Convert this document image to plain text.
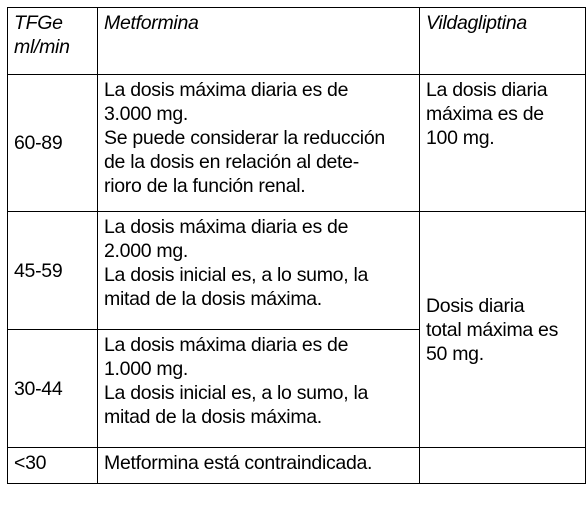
TFGe
ml/min	Metformina	Vildagliptina

60-89	La dosis máxima diaria es de
3.000 mg.
Se puede considerar la reducción
de la dosis en relación al dete-
rioro de la función renal.	La dosis diaria
máxima es de
100 mg.

45-59	La dosis máxima diaria es de
2.000 mg.
La dosis inicial es, a lo sumo, la
mitad de la dosis máxima.	Dosis diaria
total máxima es
50 mg.

30-44	La dosis máxima diaria es de
1.000 mg.
La dosis inicial es, a lo sumo, la
mitad de la dosis máxima.	

<30	Metformina está contraindicada.	
